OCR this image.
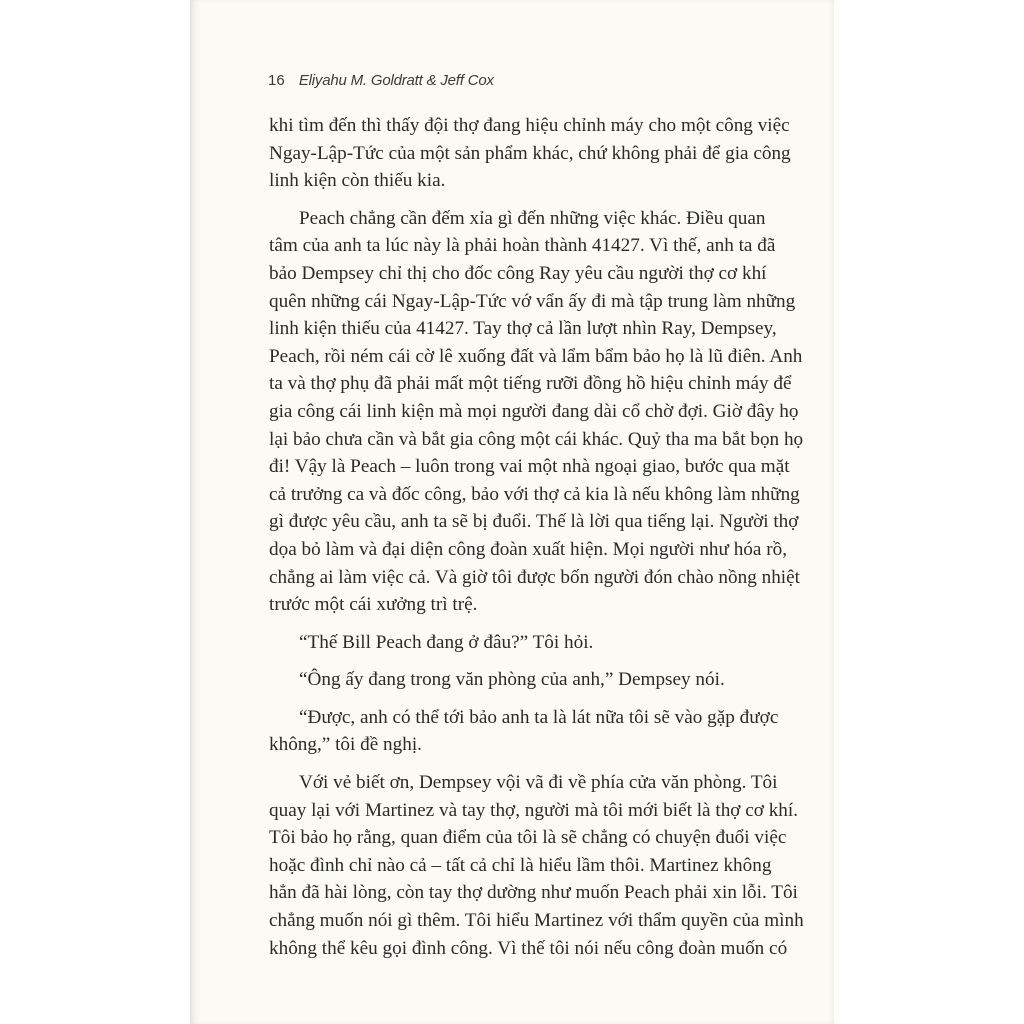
16 Eliyahu M. Goldratt & Jeff Cox
khi tìm đến thì thấy đội thợ đang hiệu chỉnh máy cho một công việc
Ngay-Lập-Tức của một sản phẩm khác, chứ không phải để gia công
linh kiện còn thiếu kia.
Peach chẳng cần đếm xỉa gì đến những việc khác. Điều quan
tâm của anh ta lúc này là phải hoàn thành 41427. Vì thế, anh ta đã
bảo Dempsey chỉ thị cho đốc công Ray yêu cầu người thợ cơ khí
quên những cái Ngay-Lập-Tức vớ vẩn ấy đi mà tập trung làm những
linh kiện thiếu của 41427. Tay thợ cả lần lượt nhìn Ray, Dempsey,
Peach, rồi ném cái cờ lê xuống đất và lẩm bẩm bảo họ là lũ điên. Anh
ta và thợ phụ đã phải mất một tiếng rưỡi đồng hồ hiệu chỉnh máy để
gia công cái linh kiện mà mọi người đang dài cổ chờ đợi. Giờ đây họ
lại bảo chưa cần và bắt gia công một cái khác. Quỷ tha ma bắt bọn họ
đi! Vậy là Peach – luôn trong vai một nhà ngoại giao, bước qua mặt
cả trưởng ca và đốc công, bảo với thợ cả kia là nếu không làm những
gì được yêu cầu, anh ta sẽ bị đuổi. Thế là lời qua tiếng lại. Người thợ
dọa bỏ làm và đại diện công đoàn xuất hiện. Mọi người như hóa rồ,
chẳng ai làm việc cả. Và giờ tôi được bốn người đón chào nồng nhiệt
trước một cái xưởng trì trệ.
“Thế Bill Peach đang ở đâu?” Tôi hỏi.
“Ông ấy đang trong văn phòng của anh,” Dempsey nói.
“Được, anh có thể tới bảo anh ta là lát nữa tôi sẽ vào gặp được
không,” tôi đề nghị.
Với vẻ biết ơn, Dempsey vội vã đi về phía cửa văn phòng. Tôi
quay lại với Martinez và tay thợ, người mà tôi mới biết là thợ cơ khí.
Tôi bảo họ rằng, quan điểm của tôi là sẽ chẳng có chuyện đuổi việc
hoặc đình chỉ nào cả – tất cả chỉ là hiểu lầm thôi. Martinez không
hẳn đã hài lòng, còn tay thợ dường như muốn Peach phải xin lỗi. Tôi
chẳng muốn nói gì thêm. Tôi hiểu Martinez với thẩm quyền của mình
không thể kêu gọi đình công. Vì thế tôi nói nếu công đoàn muốn có
